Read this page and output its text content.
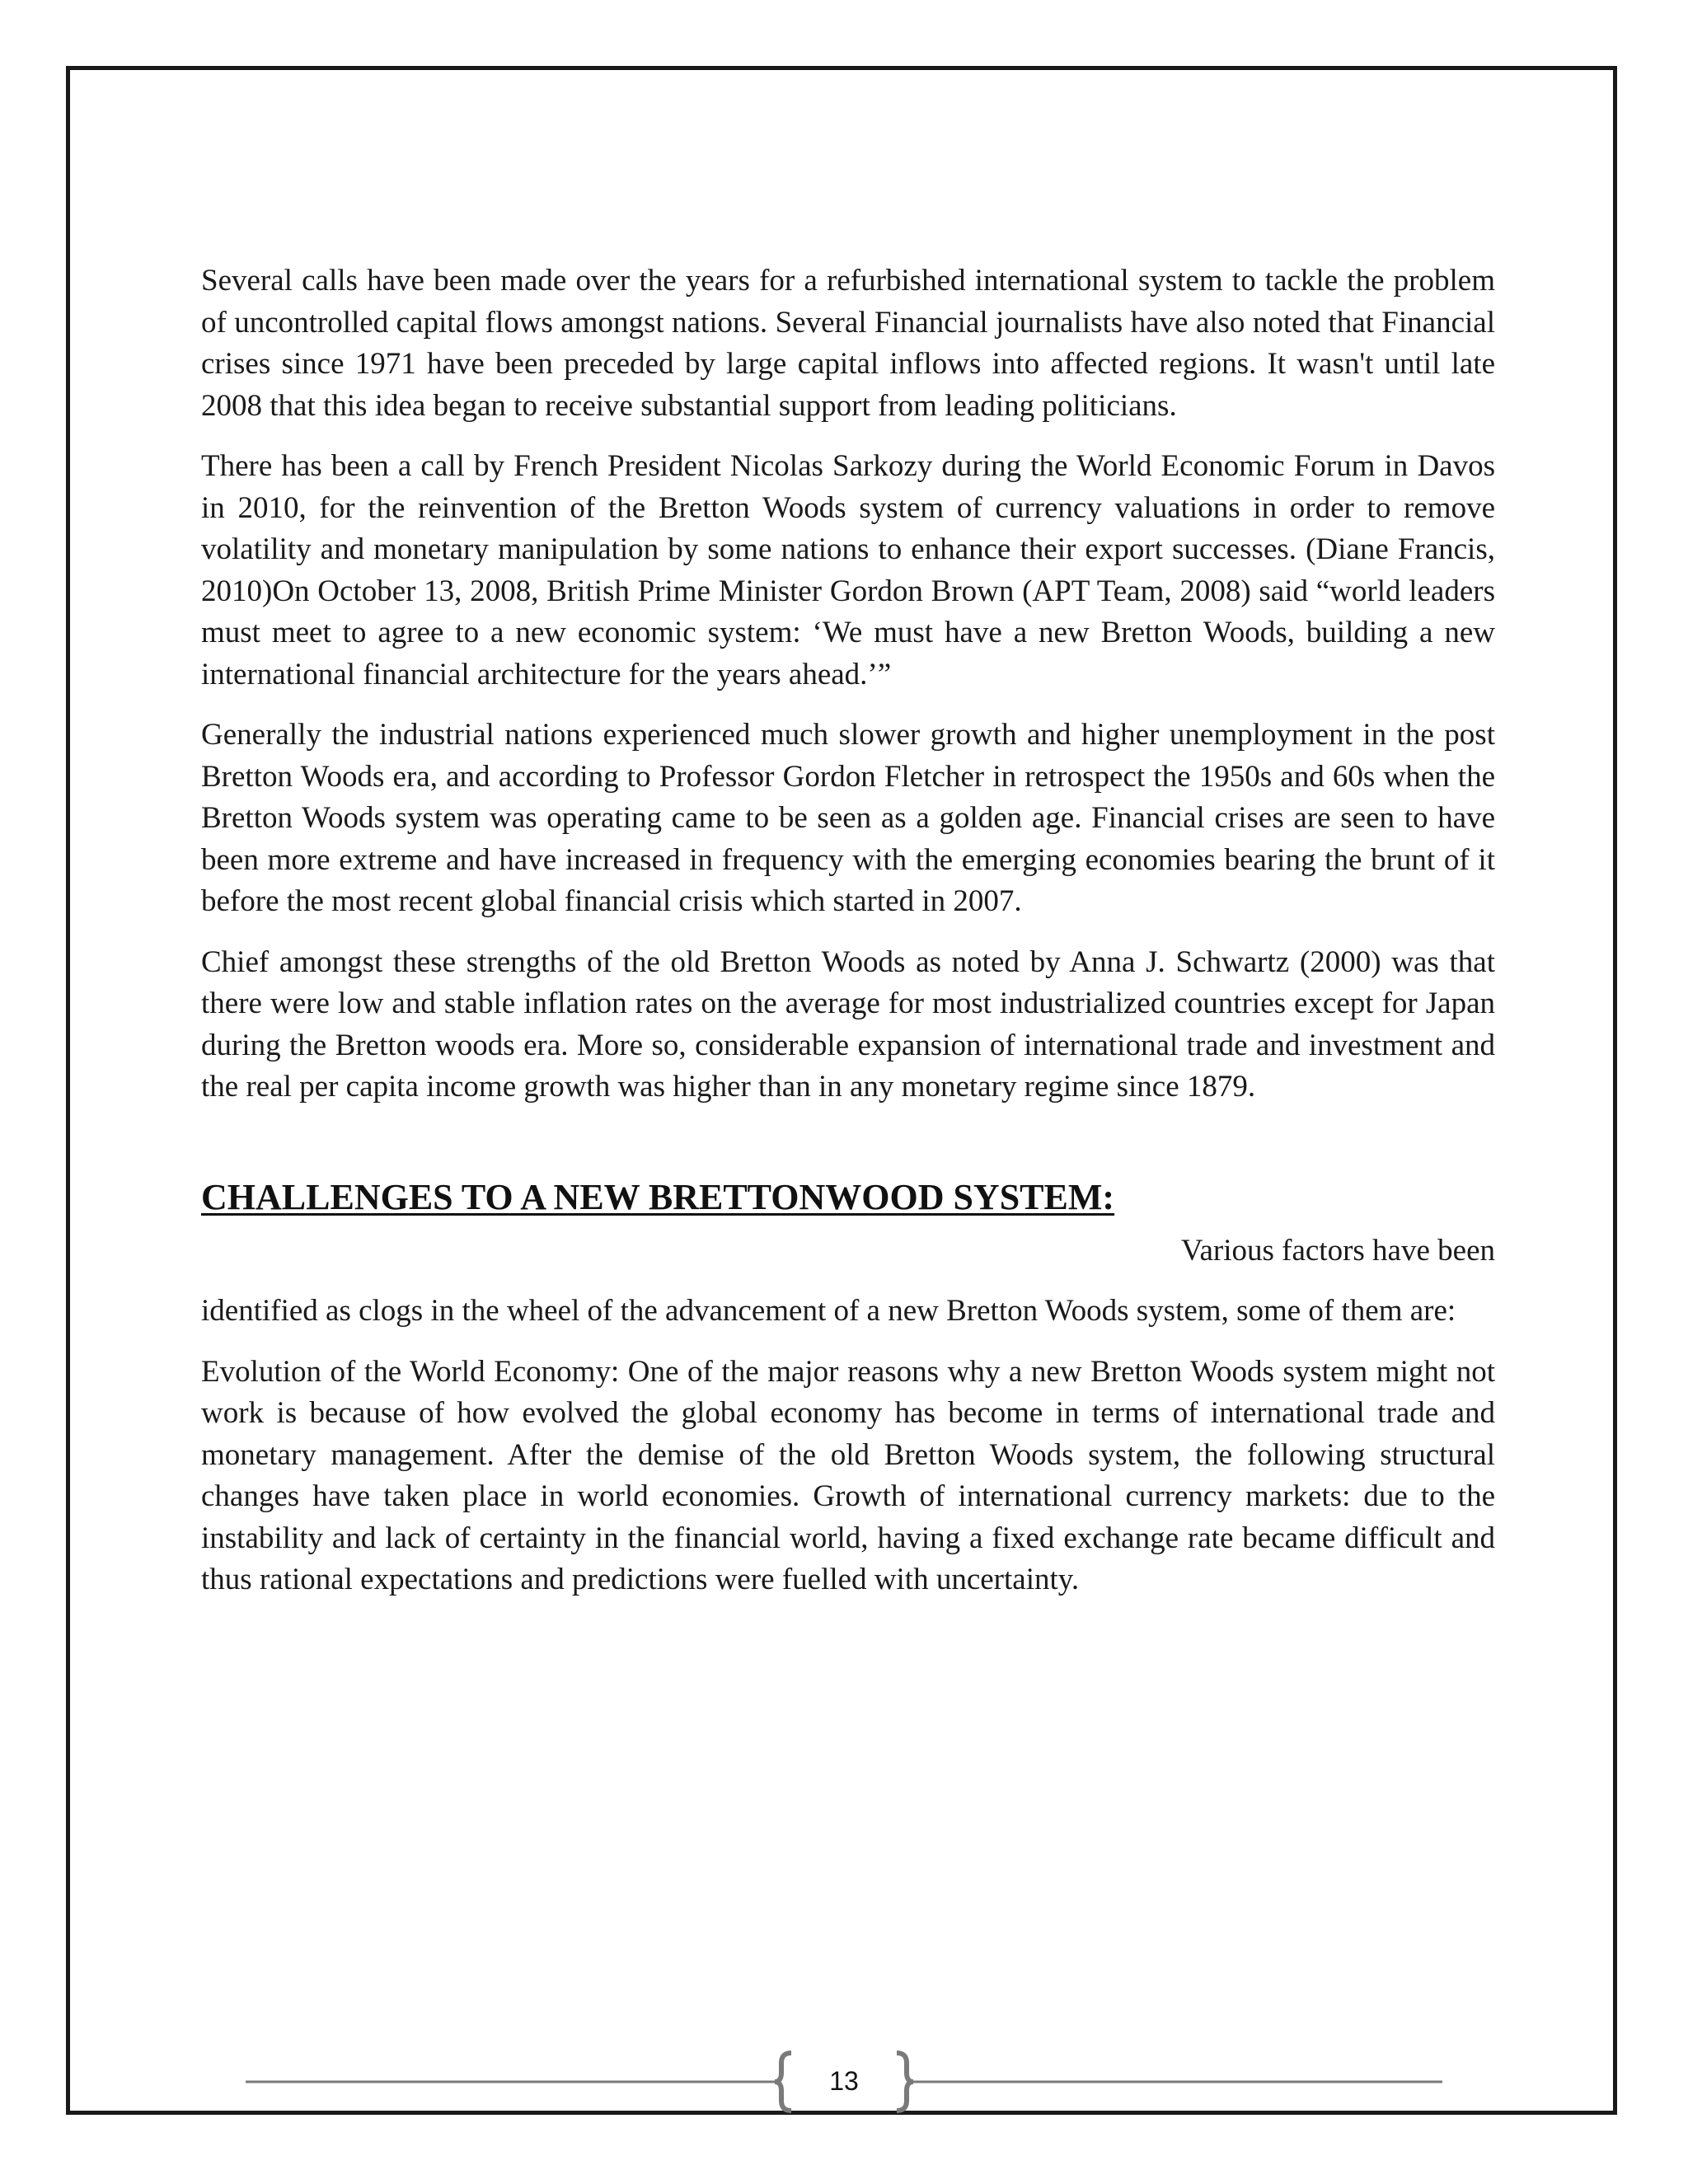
Several calls have been made over the years for a refurbished international system to tackle the problem of uncontrolled capital flows amongst nations. Several Financial journalists have also noted that Financial crises since 1971 have been preceded by large capital inflows into affected regions. It wasn't until late 2008 that this idea began to receive substantial support from leading politicians.

There has been a call by French President Nicolas Sarkozy during the World Economic Forum in Davos in 2010, for the reinvention of the Bretton Woods system of currency valuations in order to remove volatility and monetary manipulation by some nations to enhance their export successes. (Diane Francis, 2010)On October 13, 2008, British Prime Minister Gordon Brown (APT Team, 2008) said “world leaders must meet to agree to a new economic system: ‘We must have a new Bretton Woods, building a new international financial architecture for the years ahead.’”

Generally the industrial nations experienced much slower growth and higher unemployment in the post Bretton Woods era, and according to Professor Gordon Fletcher in retrospect the 1950s and 60s when the Bretton Woods system was operating came to be seen as a golden age. Financial crises are seen to have been more extreme and have increased in frequency with the emerging economies bearing the brunt of it before the most recent global financial crisis which started in 2007.

Chief amongst these strengths of the old Bretton Woods as noted by Anna J. Schwartz (2000) was that there were low and stable inflation rates on the average for most industrialized countries except for Japan during the Bretton woods era. More so, considerable expansion of international trade and investment and the real per capita income growth was higher than in any monetary regime since 1879.

CHALLENGES TO A NEW BRETTONWOOD SYSTEM:

Various factors have been

identified as clogs in the wheel of the advancement of a new Bretton Woods system, some of them are:

Evolution of the World Economy: One of the major reasons why a new Bretton Woods system might not work is because of how evolved the global economy has become in terms of international trade and monetary management. After the demise of the old Bretton Woods system, the following structural changes have taken place in world economies. Growth of international currency markets: due to the instability and lack of certainty in the financial world, having a fixed exchange rate became difficult and thus rational expectations and predictions were fuelled with uncertainty.

13
